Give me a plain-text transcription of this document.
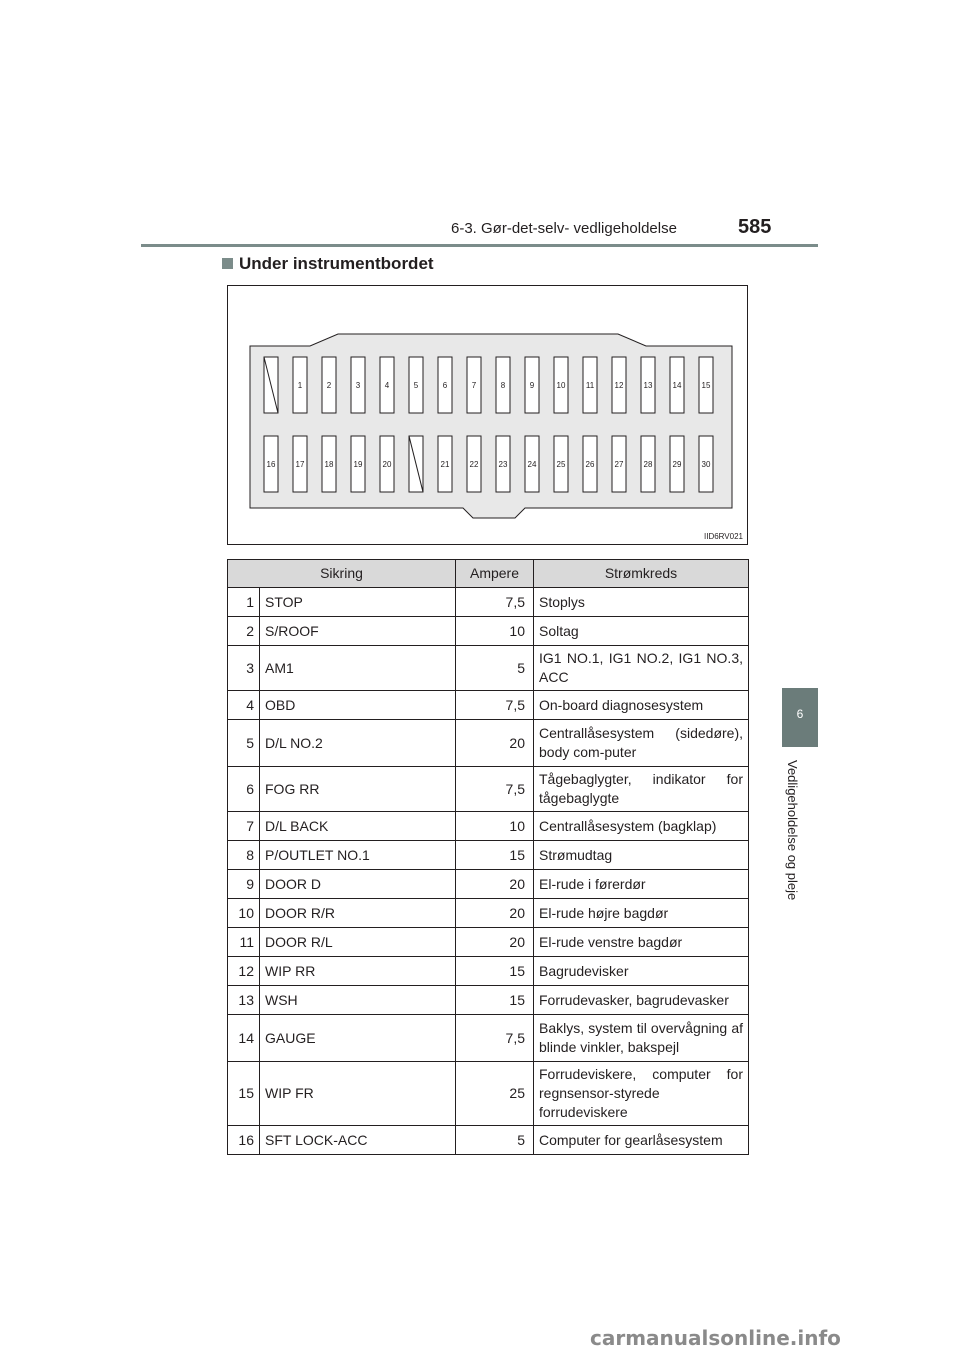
6-3. Gør-det-selv- vedligeholdelse	585
6
Vedligeholdelse og pleje
Under instrumentbordet
1	2	3	4	5	6	7	8	9	10	11	12	13	14	15
16	17	18	19	20	21	22	23	24	25	26	27	28	29	30
IID6RV021
Sikring		Ampere	Strømkreds
1	STOP	7,5	Stoplys
2	S/ROOF	10	Soltag
3	AM1	5	IG1 NO.1, IG1 NO.2, IG1 NO.3, ACC
4	OBD	7,5	On-board diagnosesystem
5	D/L NO.2	20	Centrallåsesystem (sidedøre), body com-puter
6	FOG RR	7,5	Tågebaglygter, indikator for tågebaglygte
7	D/L BACK	10	Centrallåsesystem (bagklap)
8	P/OUTLET NO.1	15	Strømudtag
9	DOOR D	20	El-rude i førerdør
10	DOOR R/R	20	El-rude højre bagdør
11	DOOR R/L	20	El-rude venstre bagdør
12	WIP RR	15	Bagrudevisker
13	WSH	15	Forrudevasker, bagrudevasker
14	GAUGE	7,5	Baklys, system til overvågning af blinde vinkler, bakspejl
15	WIP FR	25	Forrudeviskere, computer for regnsensor-styrede forrudeviskere
16	SFT LOCK-ACC	5	Computer for gearlåsesystem
carmanualsonline.info
